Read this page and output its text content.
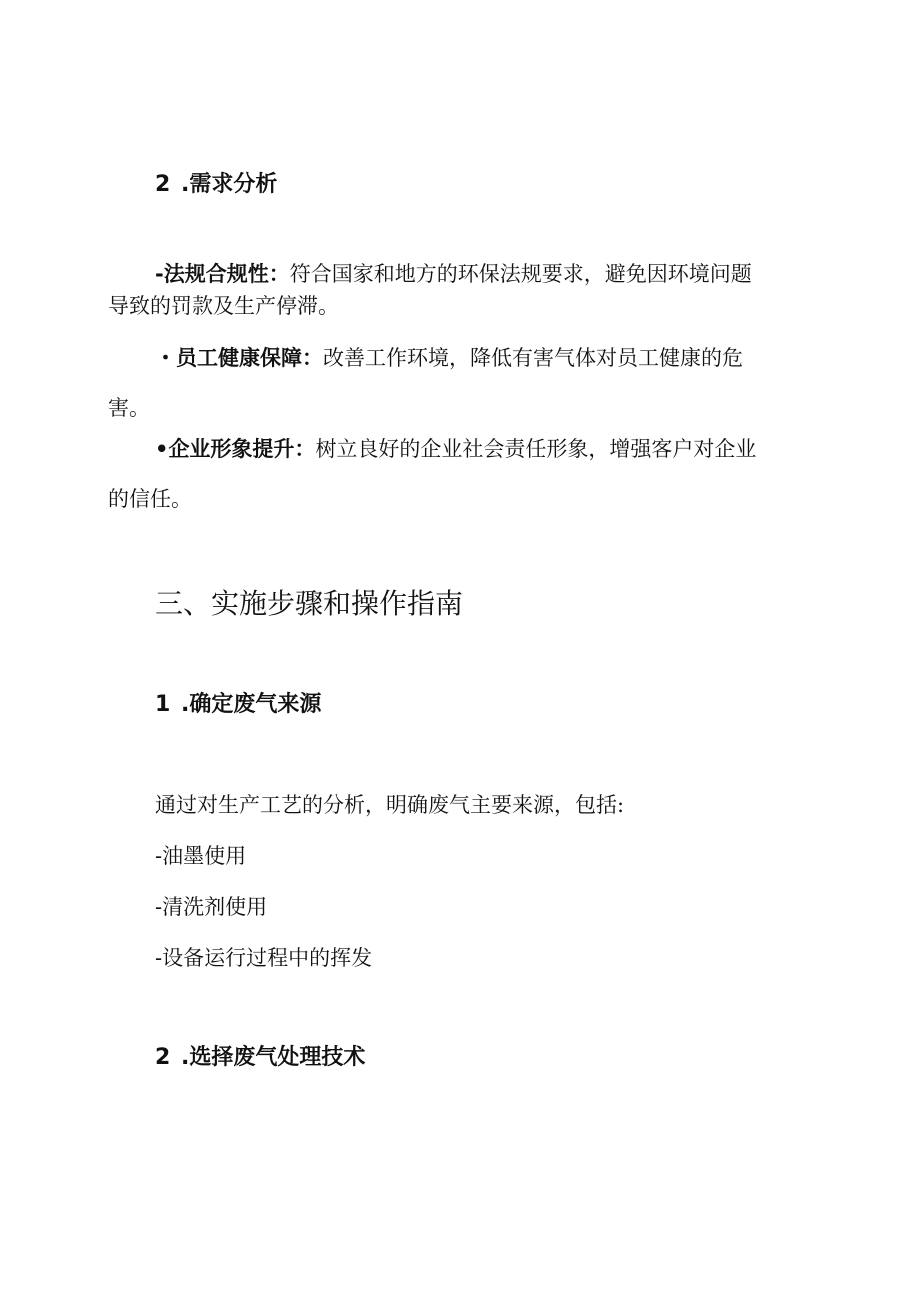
2 .需求分析
-法规合规性：符合国家和地方的环保法规要求，避免因环境问题
导致的罚款及生产停滞。
・员工健康保障：改善工作环境，降低有害气体对员工健康的危
害。
•企业形象提升：树立良好的企业社会责任形象，增强客户对企业
的信任。
三、实施步骤和操作指南
1 .确定废气来源
通过对生产工艺的分析，明确废气主要来源，包括:
-油墨使用
-清洗剂使用
-设备运行过程中的挥发
2 .选择废气处理技术
